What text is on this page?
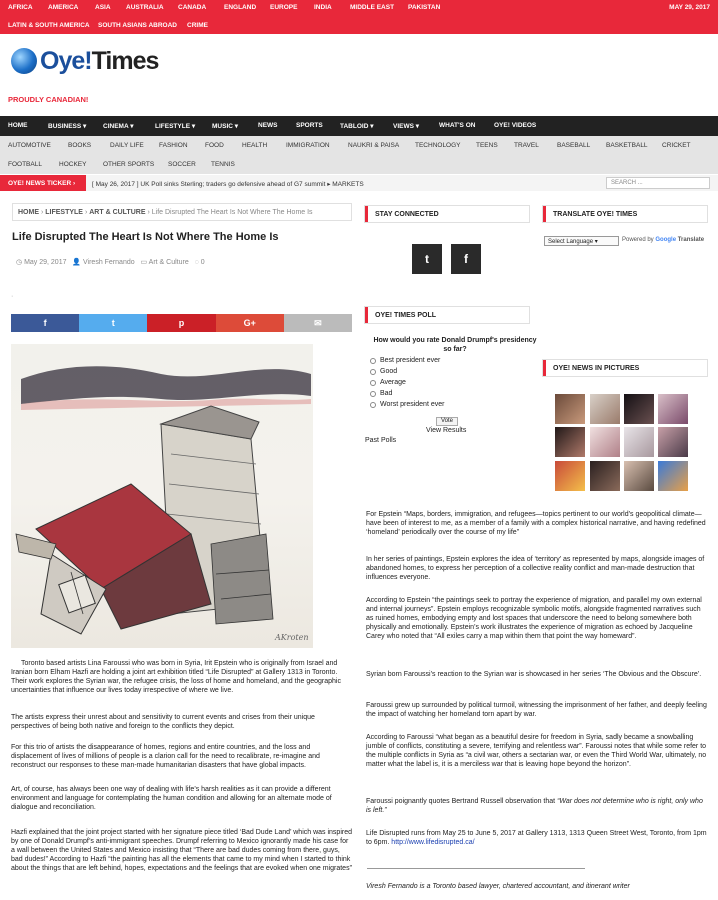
AFRICA AMERICA	ASIA AUSTRALIA CANADA	ENGLAND EUROPE	INDIA	MIDDLE EAST PAKISTAN
LATIN & SOUTH AMERICA SOUTH ASIANS ABROAD CRIME
MAY 29, 2017
Oye!Times
PROUDLY CANADIAN!
HOME	BUSINESS ▾	CINEMA ▾	LIFESTYLE ▾	MUSIC ▾	NEWS	SPORTS	TABLOID ▾	VIEWS ▾	WHAT'S ON	OYE! VIDEOS
AUTOMOTIVE	BOOKS	DAILY LIFE FASHION	FOOD	HEALTH	IMMIGRATION	NAUKRI & PAISA TECHNOLOGY TEENS	TRAVEL	BASEBALL BASKETBALL CRICKET
FOOTBALL	HOCKEY	OTHER SPORTS SOCCER TENNIS
OYE! NEWS TICKER ›	[ May 26, 2017 ] UK Poll sinks Sterling; traders go defensive ahead of G7 summit ▸ MARKETS	SEARCH ...
HOME › LIFESTYLE › ART & CULTURE › Life Disrupted The Heart Is Not Where The Home Is
Life Disrupted The Heart Is Not Where The Home Is
◷ May 29, 2017 👤 Viresh Fernando ▭ Art & Culture ◌ 0
·
f	t	p	G+	✉
AKroten

Toronto based artists Lina Faroussi who was born in Syria, Irit Epstein who is originally from Israel and Iranian born Elham Hazfi are holding a joint art exhibition titled “Life Disrupted” at Gallery 1313 in Toronto. Their work explores the Syrian war, the refugee crisis, the loss of home and homeland, and the geographic uncertainties that influence our lives today irrespective of where we live.

The artists express their unrest about and sensitivity to current events and crises from their unique perspectives of being both native and foreign to the conflicts they depict.

For this trio of artists the disappearance of homes, regions and entire countries, and the loss and displacement of lives of millions of people is a clarion call for the need to recalibrate, re-imagine and reconstruct our responses to these man-made humanitarian disasters that have global impacts.

Art, of course, has always been one way of dealing with life’s harsh realities as it can provide a different environment and language for contemplating the human condition and allowing for an alternate mode of dialogue and reconciliation.

Hazfi explained that the joint project started with her signature piece titled ‘Bad Dude Land’ which was inspired by one of Donald Drumpf’s anti-immigrant speeches. Drumpf referring to Mexico ignorantly made his case for a wall between the United States and Mexico insisting that “There are bad dudes coming from there, guys, bad dudes!” According to Hazfi “the painting has all the elements that came to my mind when I started to think about the things that are left behind, hopes, expectations and the feelings that are evoked when one migrates”

STAY CONNECTED
t	f
OYE! TIMES POLL
How would you rate Donald Drumpf's presidency so far?
Best president ever
Good
Average
Bad
Worst president ever
Vote
View Results
Past Polls
TRANSLATE OYE! TIMES
Select Language ▾	Powered by Google Translate
OYE! NEWS IN PICTURES

For Epstein “Maps, borders, immigration, and refugees—topics pertinent to our world’s geopolitical climate—have been of interest to me, as a member of a family with a complex historical narrative, and having redefined ‘homeland’ periodically over the course of my life”

In her series of paintings, Epstein explores the idea of ‘territory’ as represented by maps, alongside images of abandoned homes, to express her perception of a collective reality conflict and man-made destruction that influences everyone.

According to Epstein “the paintings seek to portray the experience of migration, and parallel my own external and internal journeys”. Epstein employs recognizable symbolic motifs, alongside fragmented narratives such as ruined homes, embodying empty and lost spaces that underscore the need to belong somewhere both physically and emotionally. Epstein’s work illustrates the experience of migration as echoed by Jacqueline Carey who noted that “All exiles carry a map within them that point the way homeward”.

Syrian born Faroussi’s reaction to the Syrian war is showcased in her series ‘The Obvious and the Obscure’.

Faroussi grew up surrounded by political turmoil, witnessing the imprisonment of her father, and deeply feeling the impact of watching her homeland torn apart by war.

According to Faroussi “what began as a beautiful desire for freedom in Syria, sadly became a snowballing jumble of conflicts, constituting a severe, terrifying and relentless war”. Faroussi notes that while some refer to the multiple conflicts in Syria as “a civil war, others a sectarian war, or even the Third World War, ultimately, no matter what the label is, it is a merciless war that is leaving hope beyond the horizon”.

Faroussi poignantly quotes Bertrand Russell observation that “War does not determine who is right, only who is left.”

Life Disrupted runs from May 25 to June 5, 2017 at Gallery 1313, 1313 Queen Street West, Toronto, from 1pm to 6pm. http://www.lifedisrupted.ca/

Viresh Fernando is a Toronto based lawyer, chartered accountant, and itinerant writer
